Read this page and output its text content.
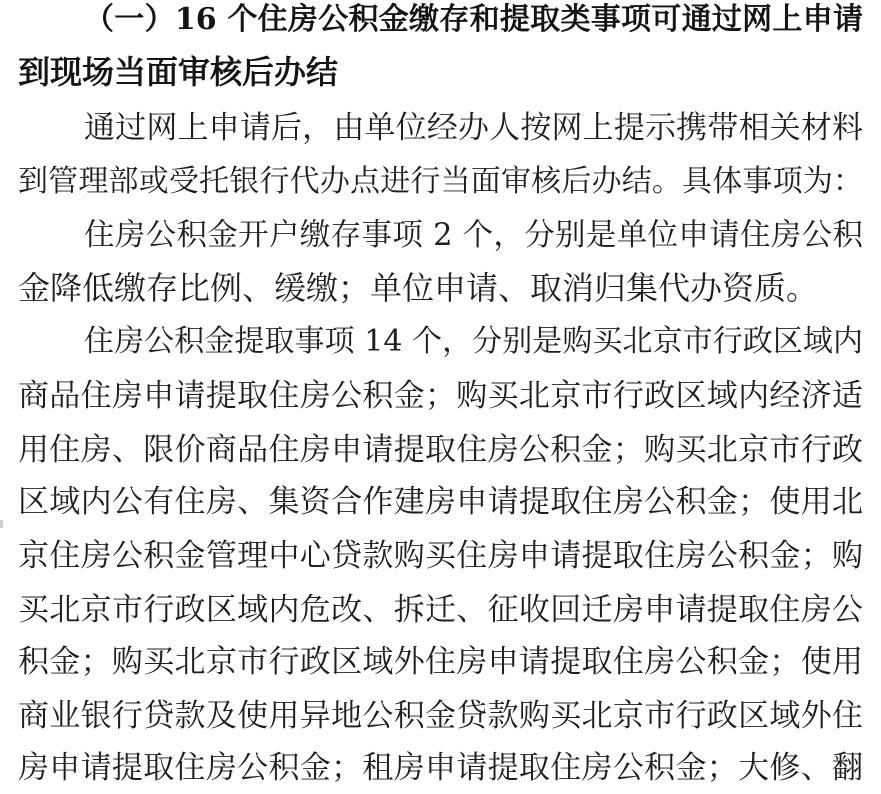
（一）16 个住房公积金缴存和提取类事项可通过网上申请
到现场当面审核后办结
通过网上申请后，由单位经办人按网上提示携带相关材料
到管理部或受托银行代办点进行当面审核后办结。具体事项为：
住房公积金开户缴存事项 2 个，分别是单位申请住房公积
金降低缴存比例、缓缴；单位申请、取消归集代办资质。
住房公积金提取事项 14 个，分别是购买北京市行政区域内
商品住房申请提取住房公积金；购买北京市行政区域内经济适
用住房、限价商品住房申请提取住房公积金；购买北京市行政
区域内公有住房、集资合作建房申请提取住房公积金；使用北
京住房公积金管理中心贷款购买住房申请提取住房公积金；购
买北京市行政区域内危改、拆迁、征收回迁房申请提取住房公
积金；购买北京市行政区域外住房申请提取住房公积金；使用
商业银行贷款及使用异地公积金贷款购买北京市行政区域外住
房申请提取住房公积金；租房申请提取住房公积金；大修、翻
